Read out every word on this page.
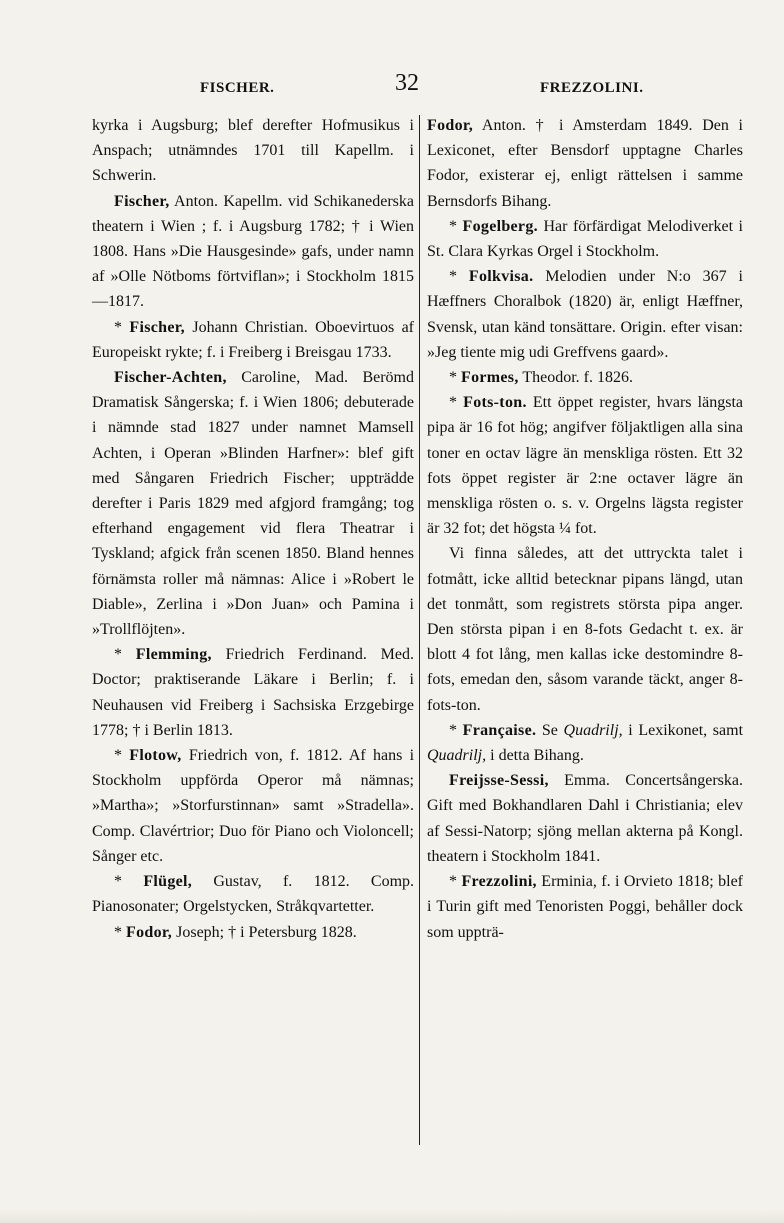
FISCHER.	32	FREZZOLINI.

kyrka i Augsburg; blef derefter Hofmusikus i Anspach; utnämndes 1701 till Kapellm. i Schwerin.

Fischer, Anton. Kapellm. vid Schikanederska theatern i Wien ; f. i Augsburg 1782; † i Wien 1808. Hans »Die Hausgesinde» gafs, under namn af »Olle Nötboms förtviflan»; i Stockholm 1815—1817.

* Fischer, Johann Christian. Oboevirtuos af Europeiskt rykte; f. i Freiberg i Breisgau 1733.

Fischer-Achten, Caroline, Mad. Berömd Dramatisk Sångerska; f. i Wien 1806; debuterade i nämnde stad 1827 under namnet Mamsell Achten, i Operan »Blinden Harfner»: blef gift med Sångaren Friedrich Fischer; uppträdde derefter i Paris 1829 med afgjord framgång; tog efterhand engagement vid flera Theatrar i Tyskland; afgick från scenen 1850. Bland hennes förnämsta roller må nämnas: Alice i »Robert le Diable», Zerlina i »Don Juan» och Pamina i »Trollflöjten».

* Flemming, Friedrich Ferdinand. Med. Doctor; praktiserande Läkare i Berlin; f. i Neuhausen vid Freiberg i Sachsiska Erzgebirge 1778; † i Berlin 1813.

* Flotow, Friedrich von, f. 1812. Af hans i Stockholm uppförda Operor må nämnas; »Martha»; »Storfurstinnan» samt »Stradella». Comp. Clavértrior; Duo för Piano och Violoncell; Sånger etc.

* Flügel, Gustav, f. 1812. Comp. Pianosonater; Orgelstycken, Stråkqvartetter.

* Fodor, Joseph; † i Petersburg 1828.

Fodor, Anton. † i Amsterdam 1849. Den i Lexiconet, efter Bensdorf upptagne Charles Fodor, existerar ej, enligt rättelsen i samme Bernsdorfs Bihang.

* Fogelberg. Har förfärdigat Melodiverket i St. Clara Kyrkas Orgel i Stockholm.

* Folkvisa. Melodien under N:o 367 i Hæffners Choralbok (1820) är, enligt Hæffner, Svensk, utan känd tonsättare. Origin. efter visan: »Jeg tiente mig udi Greffvens gaard».

* Formes, Theodor. f. 1826.

* Fots-ton. Ett öppet register, hvars längsta pipa är 16 fot hög; angifver följaktligen alla sina toner en octav lägre än menskliga rösten. Ett 32 fots öppet register är 2:ne octaver lägre än menskliga rösten o. s. v. Orgelns lägsta register är 32 fot; det högsta ¼ fot.

Vi finna således, att det uttryckta talet i fotmått, icke alltid betecknar pipans längd, utan det tonmått, som registrets största pipa anger. Den största pipan i en 8-fots Gedacht t. ex. är blott 4 fot lång, men kallas icke destomindre 8-fots, emedan den, såsom varande täckt, anger 8-fots-ton.

* Française. Se Quadrilj, i Lexikonet, samt Quadrilj, i detta Bihang.

Freijsse-Sessi, Emma. Concertsångerska. Gift med Bokhandlaren Dahl i Christiania; elev af Sessi-Natorp; sjöng mellan akterna på Kongl. theatern i Stockholm 1841.

* Frezzolini, Erminia, f. i Orvieto 1818; blef i Turin gift med Tenoristen Poggi, behåller dock som uppträ-
